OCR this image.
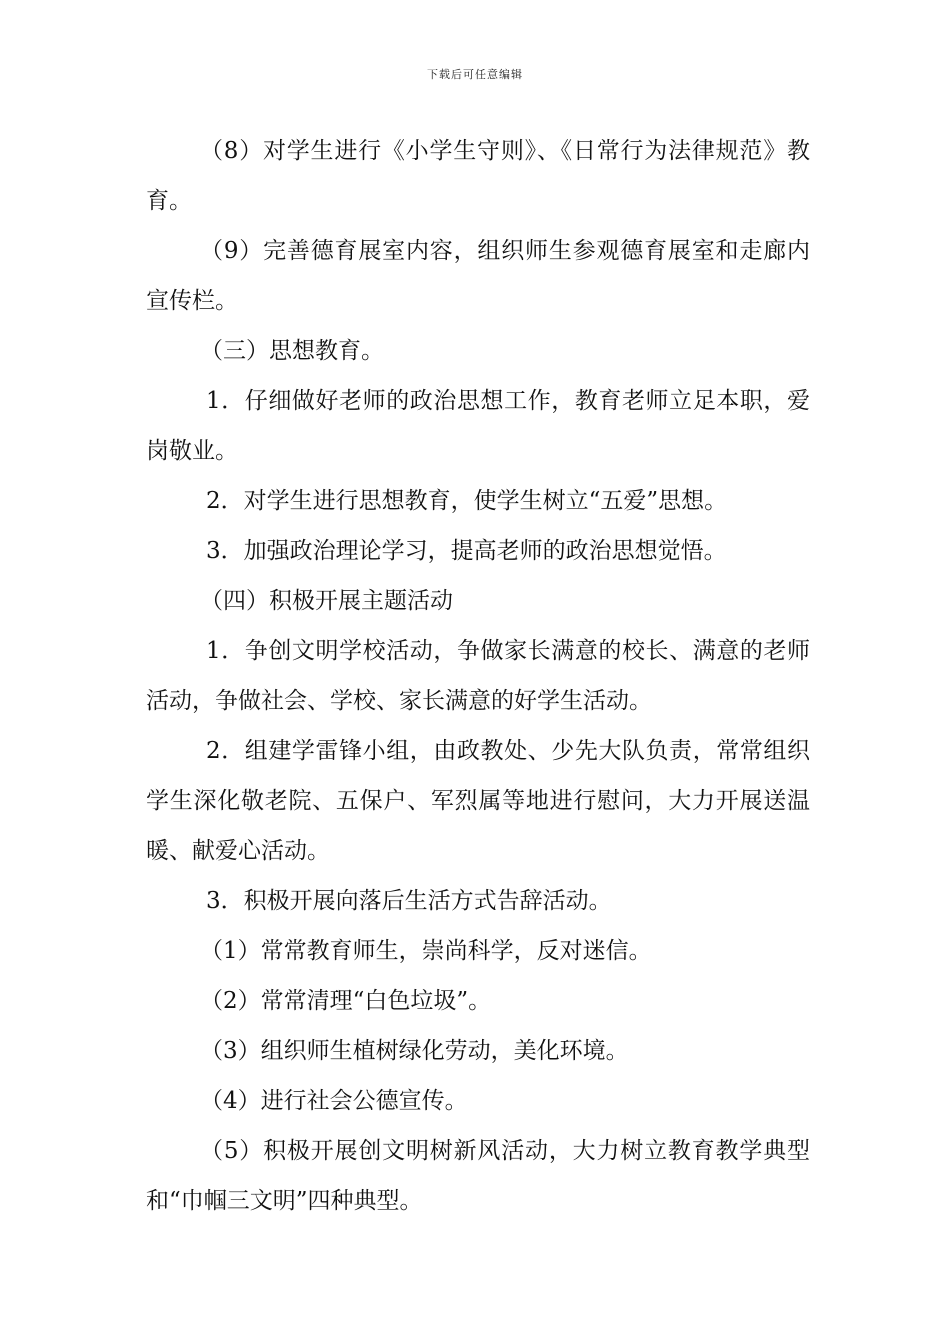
下载后可任意编辑

（8）对学生进行《小学生守则》、《日常行为法律规范》教育。

（9）完善德育展室内容，组织师生参观德育展室和走廊内宣传栏。

（三）思想教育。

1．仔细做好老师的政治思想工作，教育老师立足本职，爱岗敬业。

2．对学生进行思想教育，使学生树立“五爱”思想。

3．加强政治理论学习，提高老师的政治思想觉悟。

（四）积极开展主题活动

1．争创文明学校活动，争做家长满意的校长、满意的老师活动，争做社会、学校、家长满意的好学生活动。

2．组建学雷锋小组，由政教处、少先大队负责，常常组织学生深化敬老院、五保户、军烈属等地进行慰问，大力开展送温暖、献爱心活动。

3．积极开展向落后生活方式告辞活动。

（1）常常教育师生，崇尚科学，反对迷信。

（2）常常清理“白色垃圾”。

（3）组织师生植树绿化劳动，美化环境。

（4）进行社会公德宣传。

（5）积极开展创文明树新风活动，大力树立教育教学典型和“巾帼三文明”四种典型。
